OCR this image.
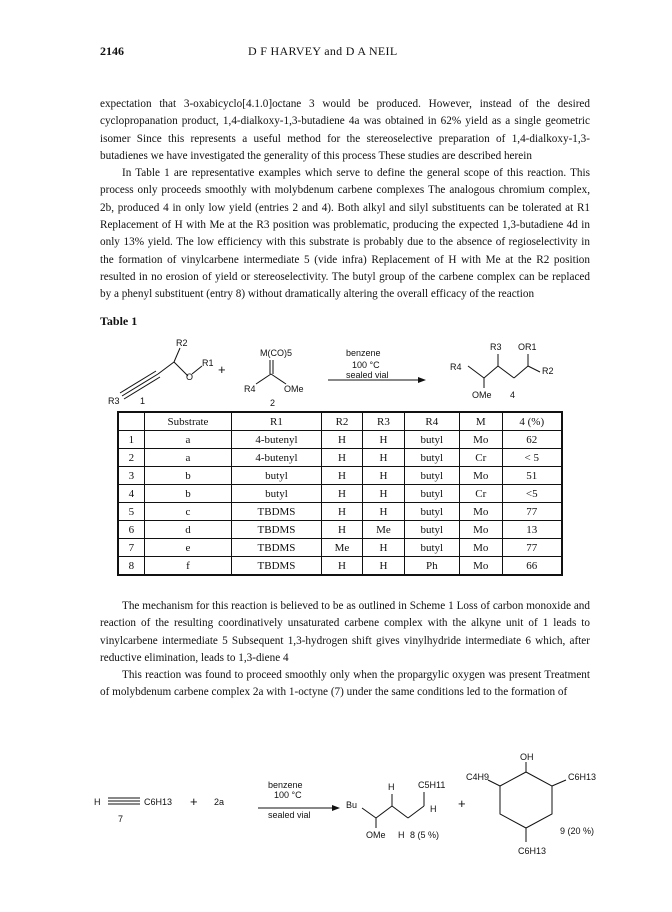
2146	D F HARVEY and D A NEIL

expectation that 3-oxabicyclo[4.1.0]octane 3 would be produced. However, instead of the desired cyclopropanation product, 1,4-dialkoxy-1,3-butadiene 4a was obtained in 62% yield as a single geometric isomer Since this represents a useful method for the stereoselective preparation of 1,4-dialkoxy-1,3-butadienes we have investigated the generality of this process These studies are described herein

In Table 1 are representative examples which serve to define the general scope of this reaction. This process only proceeds smoothly with molybdenum carbene complexes The analogous chromium complex, 2b, produced 4 in only low yield (entries 2 and 4). Both alkyl and silyl substituents can be tolerated at R1 Replacement of H with Me at the R3 position was problematic, producing the expected 1,3-butadiene 4d in only 13% yield. The low efficiency with this substrate is probably due to the absence of regioselectivity in the formation of vinylcarbene intermediate 5 (vide infra) Replacement of H with Me at the R2 position resulted in no erosion of yield or stereoselectivity. The butyl group of the carbene complex can be replaced by a phenyl substituent (entry 8) without dramatically altering the overall efficacy of the reaction

Table 1
R2
O
R1
R3 1
+
M(CO)5
R4	OMe
2
benzene
100 °C
sealed vial
R3 OR1
R4	R2
OMe 4
	Substrate	R1	R2	R3	R4	M	4 (%)
1	a	4-butenyl	H	H	butyl	Mo	62
2	a	4-butenyl	H	H	butyl	Cr	< 5
3	b	butyl	H	H	butyl	Mo	51
4	b	butyl	H	H	butyl	Cr	<5
5	c	TBDMS	H	H	butyl	Mo	77
6	d	TBDMS	H	Me	butyl	Mo	13
7	e	TBDMS	Me	H	butyl	Mo	77
8	f	TBDMS	H	H	Ph	Mo	66

The mechanism for this reaction is believed to be as outlined in Scheme 1 Loss of carbon monoxide and reaction of the resulting coordinatively unsaturated carbene complex with the alkyne unit of 1 leads to vinylcarbene intermediate 5 Subsequent 1,3-hydrogen shift gives vinylhydride intermediate 6 which, after reductive elimination, leads to 1,3-diene 4

This reaction was found to proceed smoothly only when the propargylic oxygen was present Treatment of molybdenum carbene complex 2a with 1-octyne (7) under the same conditions led to the formation of

H	C6H13 + 2a
7
benzene
100 °C
sealed vial
Bu
H	C5H11
H
OMe H 8 (5 %)
+
OH
C4H9	C6H13
C6H13
9 (20 %)
